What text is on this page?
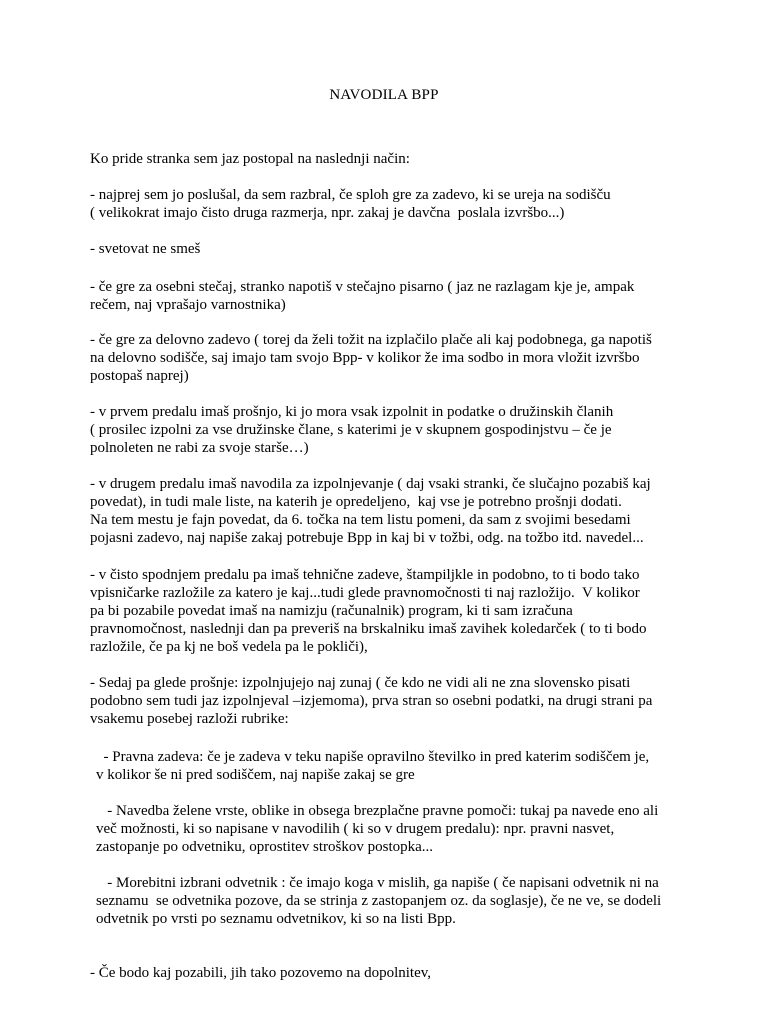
NAVODILA BPP

Ko pride stranka sem jaz postopal na naslednji način:

- najprej sem jo poslušal, da sem razbral, če sploh gre za zadevo, ki se ureja na sodišču
( velikokrat imajo čisto druga razmerja, npr. zakaj je davčna  poslala izvršbo...)

- svetovat ne smeš

- če gre za osebni stečaj, stranko napotiš v stečajno pisarno ( jaz ne razlagam kje je, ampak
rečem, naj vprašajo varnostnika)

- če gre za delovno zadevo ( torej da želi tožit na izplačilo plače ali kaj podobnega, ga napotiš
na delovno sodišče, saj imajo tam svojo Bpp- v kolikor že ima sodbo in mora vložit izvršbo
postopaš naprej)

- v prvem predalu imaš prošnjo, ki jo mora vsak izpolnit in podatke o družinskih članih
( prosilec izpolni za vse družinske člane, s katerimi je v skupnem gospodinjstvu – če je
polnoleten ne rabi za svoje starše…)

- v drugem predalu imaš navodila za izpolnjevanje ( daj vsaki stranki, če slučajno pozabiš kaj
povedat), in tudi male liste, na katerih je opredeljeno,  kaj vse je potrebno prošnji dodati.
Na tem mestu je fajn povedat, da 6. točka na tem listu pomeni, da sam z svojimi besedami
pojasni zadevo, naj napiše zakaj potrebuje Bpp in kaj bi v tožbi, odg. na tožbo itd. navedel...

- v čisto spodnjem predalu pa imaš tehnične zadeve, štampiljkle in podobno, to ti bodo tako
vpisničarke razložile za katero je kaj...tudi glede pravnomočnosti ti naj razložijo.  V kolikor
pa bi pozabile povedat imaš na namizju (računalnik) program, ki ti sam izračuna
pravnomočnost, naslednji dan pa preveriš na brskalniku imaš zavihek koledarček ( to ti bodo
razložile, če pa kj ne boš vedela pa le pokliči),

- Sedaj pa glede prošnje: izpolnjujejo naj zunaj ( če kdo ne vidi ali ne zna slovensko pisati
podobno sem tudi jaz izpolnjeval –izjemoma), prva stran so osebni podatki, na drugi strani pa
vsakemu posebej razloži rubrike:

- Pravna zadeva: če je zadeva v teku napiše opravilno številko in pred katerim sodiščem je,
v kolikor še ni pred sodiščem, naj napiše zakaj se gre

- Navedba želene vrste, oblike in obsega brezplačne pravne pomoči: tukaj pa navede eno ali
več možnosti, ki so napisane v navodilih ( ki so v drugem predalu): npr. pravni nasvet,
zastopanje po odvetniku, oprostitev stroškov postopka...

- Morebitni izbrani odvetnik : če imajo koga v mislih, ga napiše ( če napisani odvetnik ni na
seznamu  se odvetnika pozove, da se strinja z zastopanjem oz. da soglasje), če ne ve, se dodeli
odvetnik po vrsti po seznamu odvetnikov, ki so na listi Bpp.

- Če bodo kaj pozabili, jih tako pozovemo na dopolnitev,
